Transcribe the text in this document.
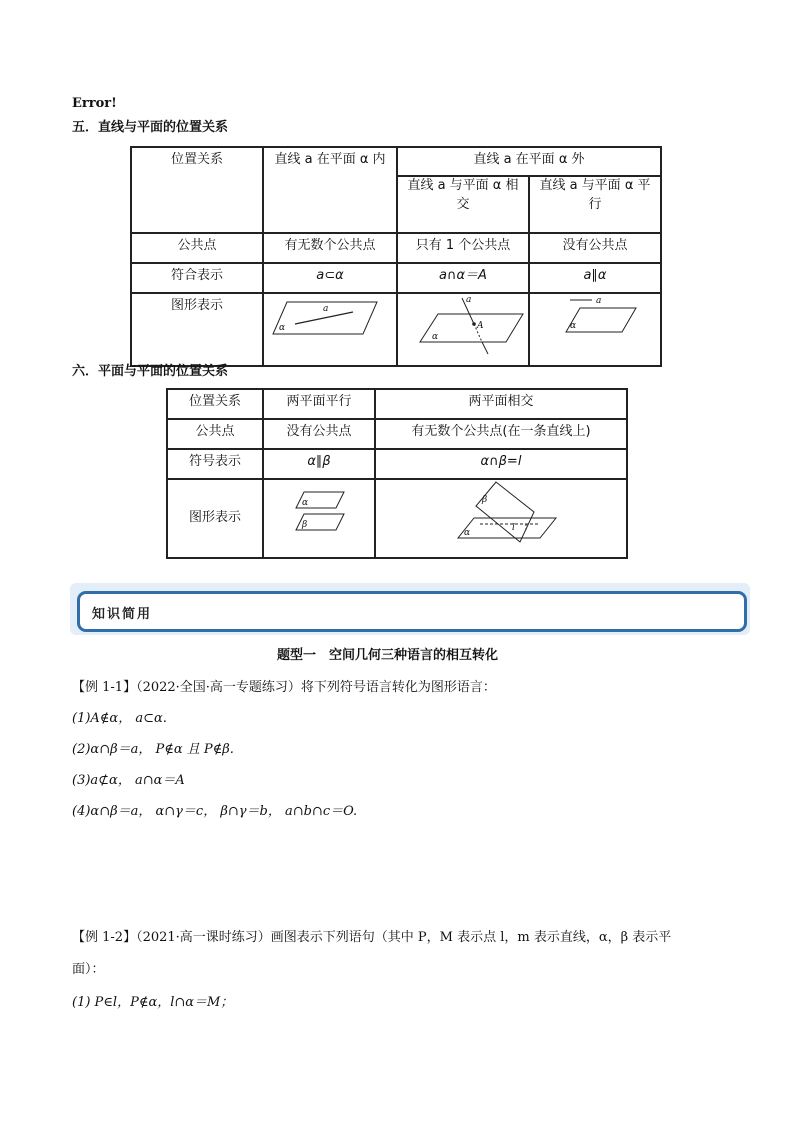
Error!
五．直线与平面的位置关系
位置关系	直线 a 在平面 α 内	直线 a 在平面 α 外	
		直线 a 与平面 α 相交	直线 a 与平面 α 平行
公共点	有无数个公共点	只有 1 个公共点	没有公共点
符合表示	a⊂α	a∩α＝A	a∥α
图形表示	a
α	a
A
α	a
α
六．平面与平面的位置关系
位置关系	两平面平行	两平面相交
公共点	没有公共点	有无数个公共点(在一条直线上)
符号表示	α∥β	α∩β=l
图形表示	α
β	β
α l
知识简用
题型一　空间几何三种语言的相互转化
【例 1-1】（2022·全国·高一专题练习）将下列符号语言转化为图形语言：
(1)A∉α， a⊂α.
(2)α∩β＝a， P∉α 且 P∉β.
(3)a⊄α， a∩α＝A
(4)α∩β＝a， α∩γ＝c， β∩γ＝b， a∩b∩c＝O.
【例 1-2】（2021·高一课时练习）画图表示下列语句（其中 P，M 表示点 l，m 表示直线，α，β 表示平
面）：
(1) P∈l，P∉α，l∩α＝M；
